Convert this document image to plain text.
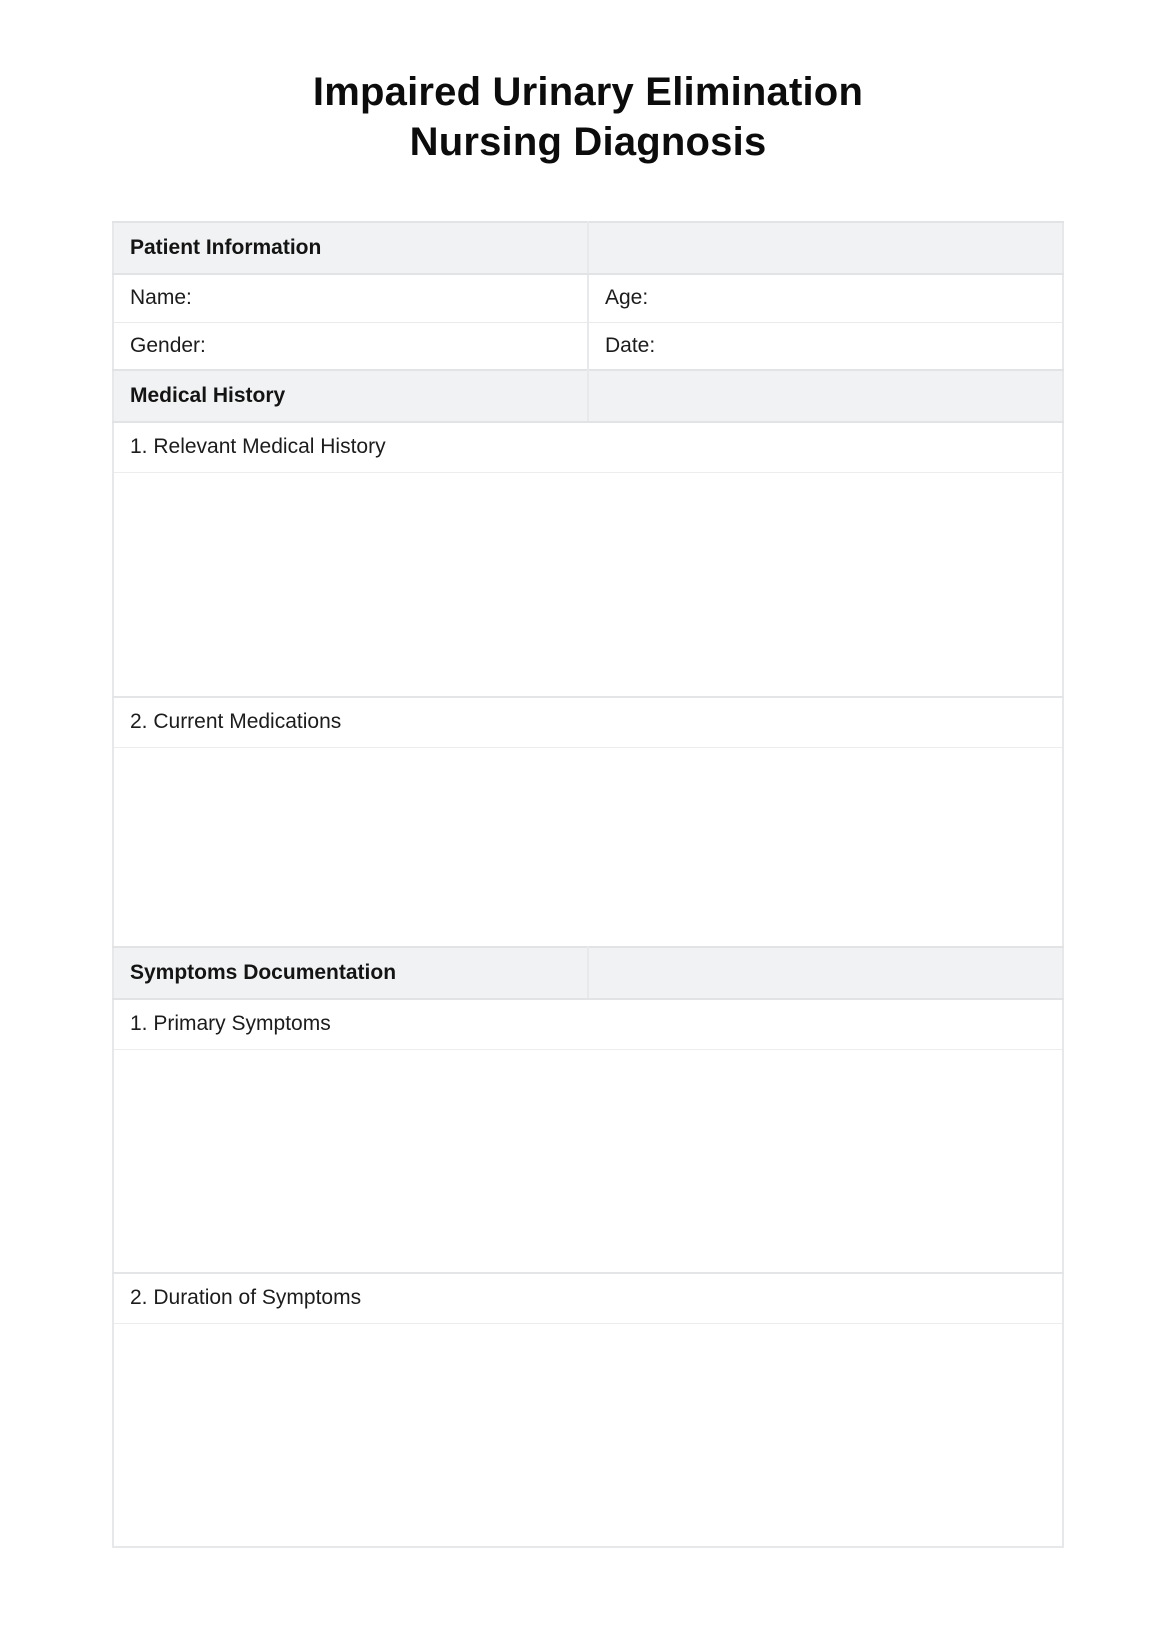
Impaired Urinary Elimination
Nursing Diagnosis
Patient Information	
Name:	Age:
Gender:	Date:
Medical History	
1. Relevant Medical History	

2. Current Medications	

Symptoms Documentation	
1. Primary Symptoms	

2. Duration of Symptoms	
